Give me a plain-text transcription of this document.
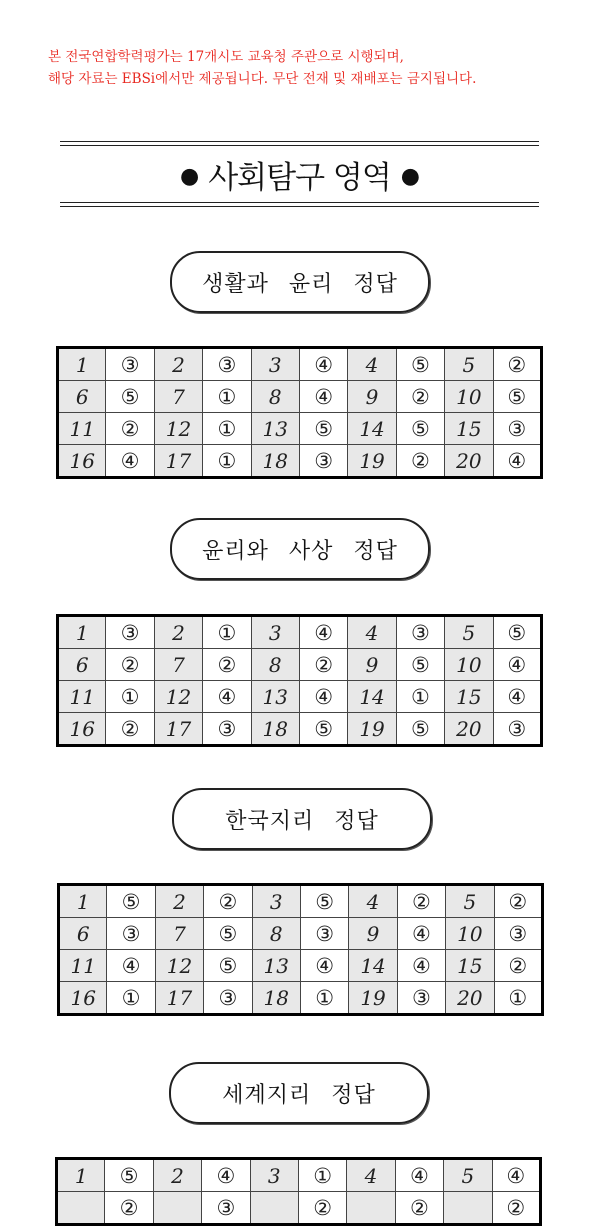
본 전국연합학력평가는 17개시도 교육청 주관으로 시행되며,
해당 자료는 EBSi에서만 제공됩니다. 무단 전재 및 재배포는 금지됩니다.
● 사회탐구 영역 ●
생활과 윤리 정답
1	③	2	③	3	④	4	⑤	5	②
6	⑤	7	①	8	④	9	②	10	⑤
11	②	12	①	13	⑤	14	⑤	15	③
16	④	17	①	18	③	19	②	20	④
윤리와 사상 정답
1	③	2	①	3	④	4	③	5	⑤
6	②	7	②	8	②	9	⑤	10	④
11	①	12	④	13	④	14	①	15	④
16	②	17	③	18	⑤	19	⑤	20	③
한국지리 정답
1	⑤	2	②	3	⑤	4	②	5	②
6	③	7	⑤	8	③	9	④	10	③
11	④	12	⑤	13	④	14	④	15	②
16	①	17	③	18	①	19	③	20	①
세계지리 정답
1	⑤	2	④	3	①	4	④	5	④
	②		③		②		②		②
